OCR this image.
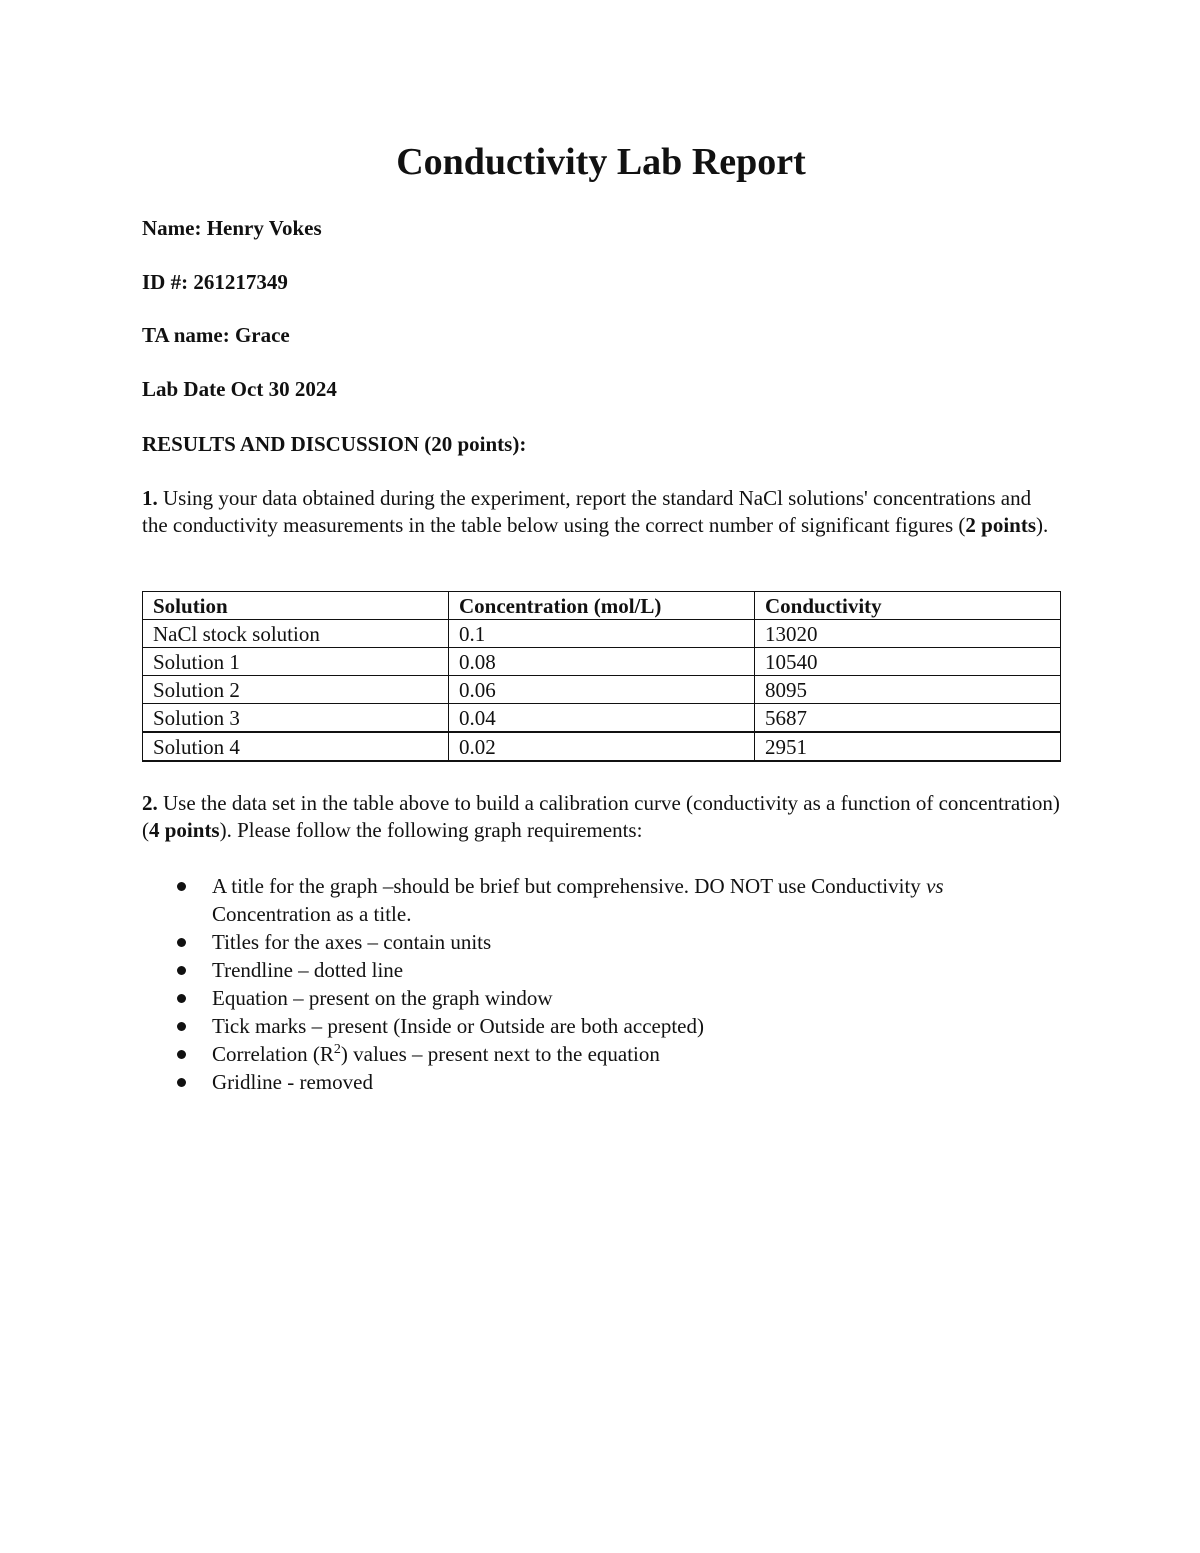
Conductivity Lab Report

Name: Henry Vokes

ID #: 261217349

TA name: Grace

Lab Date Oct 30 2024

RESULTS AND DISCUSSION (20 points):

1. Using your data obtained during the experiment, report the standard NaCl solutions' concentrations and the conductivity measurements in the table below using the correct number of significant figures (2 points).

Solution	Concentration (mol/L)	Conductivity
NaCl stock solution	0.1	13020
Solution 1	0.08	10540
Solution 2	0.06	8095
Solution 3	0.04	5687
Solution 4	0.02	2951

2. Use the data set in the table above to build a calibration curve (conductivity as a function of concentration) (4 points). Please follow the following graph requirements:

A title for the graph –should be brief but comprehensive. DO NOT use Conductivity vs Concentration as a title.
Titles for the axes – contain units
Trendline – dotted line
Equation – present on the graph window
Tick marks – present (Inside or Outside are both accepted)
Correlation $(R^2)$ values – present next to the equation
Gridline - removed
